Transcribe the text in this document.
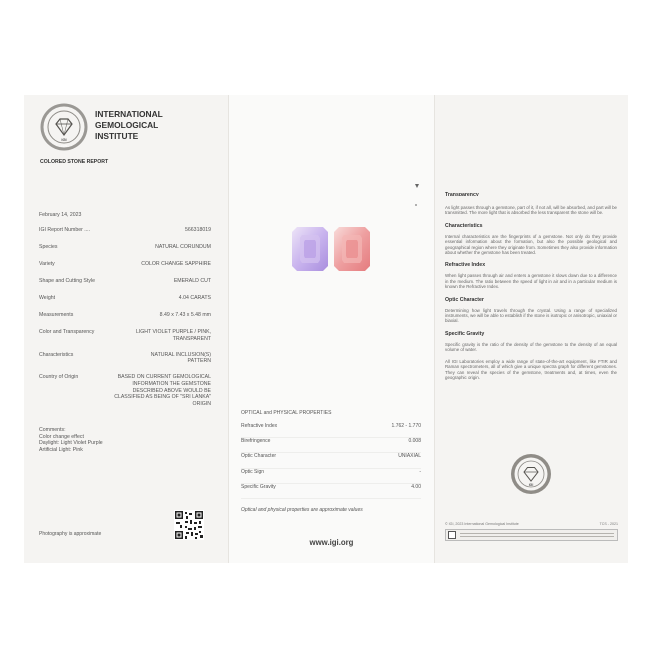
IGI
1975
INTERNATIONAL
GEMOLOGICAL
INSTITUTE
COLORED STONE REPORT
February 14, 2023
IGI Report Number ....	566318019
Species	NATURAL CORUNDUM
Variety	COLOR CHANGE SAPPHIRE
Shape and Cutting Style	EMERALD CUT
Weight	4.04 CARATS
Measurements	8.49 x 7.43 x 5.48 mm
Color and Transparency	LIGHT VIOLET PURPLE / PINK, TRANSPARENT
Characteristics	NATURAL INCLUSION(S) PATTERN
Country of Origin	BASED ON CURRENT GEMOLOGICAL INFORMATION THE GEMSTONE DESCRIBED ABOVE WOULD BE CLASSIFIED AS BEING OF "SRI LANKA" ORIGIN
Comments:
Color change effect
Daylight: Light Violet Purple
Artificial Light: Pink
Photography is approximate
OPTICAL and PHYSICAL PROPERTIES
Refractive Index	1.762 - 1.770
Birefringence	0.008
Optic Character	UNIAXIAL
Optic Sign	-
Specific Gravity	4.00
Optical and physical properties are approximate values
www.igi.org
Transparency
As light passes through a gemstone, part of it, if not all, will be absorbed, and part will be transmitted. The more light that is absorbed the less transparent the stone will be.
Characteristics
Internal characteristics are the fingerprints of a gemstone. Not only do they provide essential information about the formation, but also the possible geological and geographical region where they originate from. Sometimes they also provide information about whether the gemstone has been treated.
Refractive Index
When light passes through air and enters a gemstone it slows down due to a difference in the medium. The ratio between the speed of light in air and in a particular medium is known the Refractive Index.
Optic Character
Determining how light travels through the crystal. Using a range of specialized instruments, we will be able to establish if the stone is isotropic or anisotropic, uniaxial or biaxial.
Specific Gravity
Specific gravity is the ratio of the density of the gemstone to the density of an equal volume of water.
All IGI Laboratories employ a wide range of state-of-the-art equipment, like FTIR and Raman spectrometers, all of which give a unique spectra graph for different gemstones. They can reveal the species of the gemstone, treatments and, at times, even the geographic origin.
IGI
© IGI, 2023 International Gemological Institute	TCS - 2021
